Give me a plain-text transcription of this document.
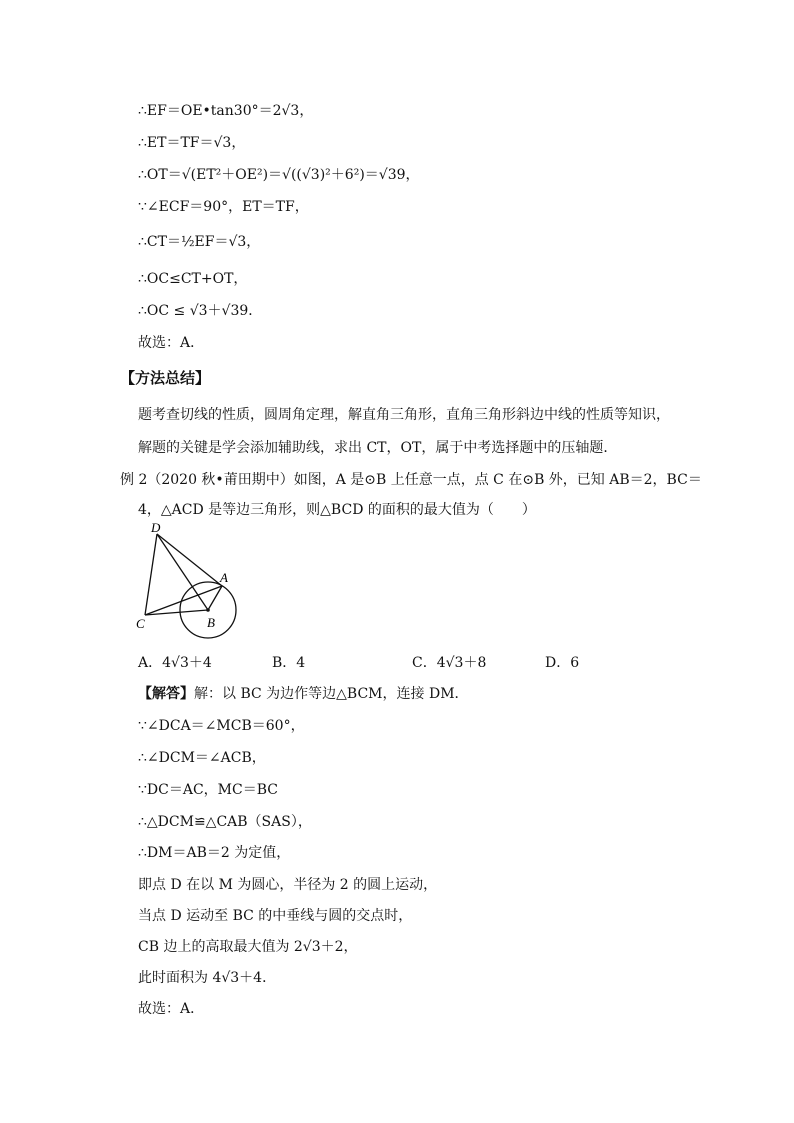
∴EF＝OE•tan30°＝2√3，
∴ET＝TF＝√3，
∴OT＝√(ET²＋OE²)＝√((√3)²＋6²)＝√39，
∵∠ECF＝90°，ET＝TF，
∴CT＝½EF＝√3，
∴OC≤CT+OT，
∴OC ≤ √3＋√39．
故选：A．
【方法总结】
题考查切线的性质，圆周角定理，解直角三角形，直角三角形斜边中线的性质等知识，
解题的关键是学会添加辅助线，求出 CT，OT，属于中考选择题中的压轴题．
例 2（2020 秋•莆田期中）如图，A 是⊙B 上任意一点，点 C 在⊙B 外，已知 AB＝2，BC＝
4，△ACD 是等边三角形，则△BCD 的面积的最大值为（　　）
D
A
B
C
A．4√3＋4	B．4	C．4√3＋8	D．6
【解答】解：以 BC 为边作等边△BCM，连接 DM．
∵∠DCA＝∠MCB＝60°，
∴∠DCM＝∠ACB，
∵DC＝AC，MC＝BC
∴△DCM≌△CAB（SAS），
∴DM＝AB＝2 为定值，
即点 D 在以 M 为圆心，半径为 2 的圆上运动，
当点 D 运动至 BC 的中垂线与圆的交点时，
CB 边上的高取最大值为 2√3＋2，
此时面积为 4√3＋4．
故选：A．
